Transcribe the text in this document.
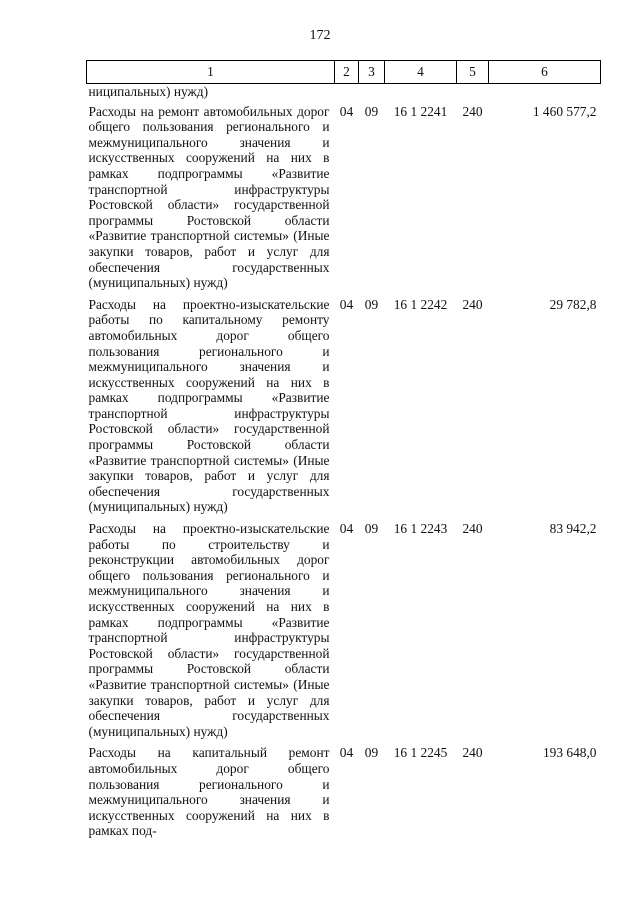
172
1	2	3	4	5	6
ниципальных) нужд)					
Расходы на ремонт автомобильных дорог общего пользования регионального и межмуниципального значения и искусственных сооружений на них в рамках подпрограммы «Развитие транспортной инфраструктуры Ростовской области» государственной программы Ростовской области «Развитие транспортной системы» (Иные закупки товаров, работ и услуг для обеспечения государственных (муниципальных) нужд)	04	09	16 1 2241	240	1 460 577,2
Расходы на проектно-изыскательские работы по капитальному ремонту автомобильных дорог общего пользования регионального и межмуниципального значения и искусственных сооружений на них в рамках подпрограммы «Развитие транспортной инфраструктуры Ростовской области» государственной программы Ростовской области «Развитие транспортной системы» (Иные закупки товаров, работ и услуг для обеспечения государственных (муниципальных) нужд)	04	09	16 1 2242	240	29 782,8
Расходы на проектно-изыскательские работы по строительству и реконструкции автомобильных дорог общего пользования регионального и межмуниципального значения и искусственных сооружений на них в рамках подпрограммы «Развитие транспортной инфраструктуры Ростовской области» государственной программы Ростовской области «Развитие транспортной системы» (Иные закупки товаров, работ и услуг для обеспечения государственных (муниципальных) нужд)	04	09	16 1 2243	240	83 942,2
Расходы на капитальный ремонт автомобильных дорог общего пользования регионального и межмуниципального значения и искусственных сооружений на них в рамках под-	04	09	16 1 2245	240	193 648,0
